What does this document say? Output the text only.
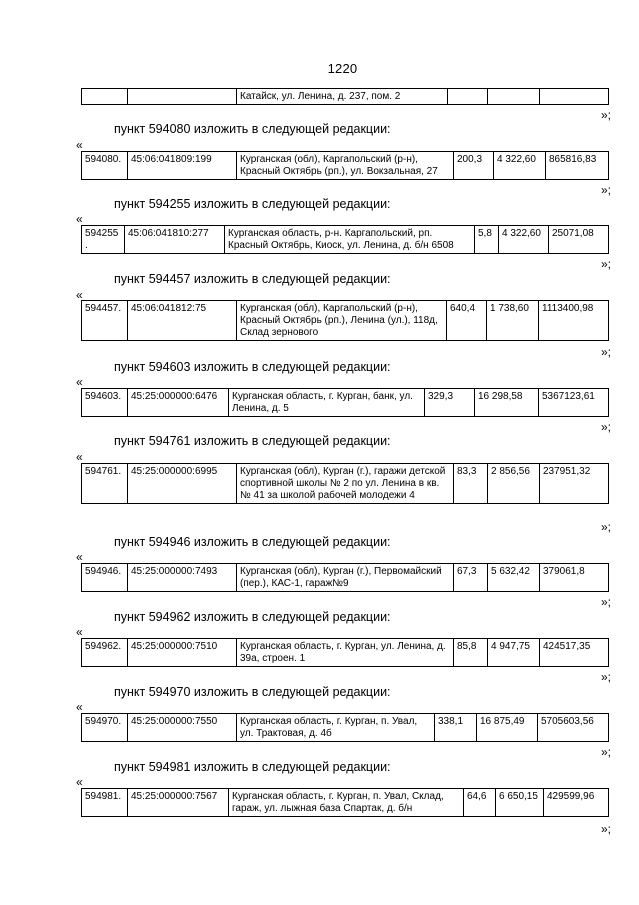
1220
		Катайск, ул. Ленина, д. 237, пом. 2			
»;
пункт 594080 изложить в следующей редакции:
«
594080.	45:06:041809:199	Курганская (обл), Каргапольский (р-н), Красный Октябрь (рп.), ул. Вокзальная, 27	200,3	4 322,60	865816,83
»;
пункт 594255 изложить в следующей редакции:
«
594255.	45:06:041810:277	Курганская область, р-н. Каргапольский, рп. Красный Октябрь, Киоск, ул. Ленина, д. б/н 6508	5,8	4 322,60	25071,08
»;
пункт 594457 изложить в следующей редакции:
«
594457.	45:06:041812:75	Курганская (обл), Каргапольский (р-н), Красный Октябрь (рп.), Ленина (ул.), 118д, Склад зернового	640,4	1 738,60	1113400,98
»;
пункт 594603 изложить в следующей редакции:
«
594603.	45:25:000000:6476	Курганская область, г. Курган, банк, ул. Ленина, д. 5	329,3	16 298,58	5367123,61
»;
пункт 594761 изложить в следующей редакции:
«
594761.	45:25:000000:6995	Курганская (обл), Курган (г.), гаражи детской спортивной школы № 2 по ул. Ленина в кв.№ 41 за школой рабочей молодежи 4	83,3	2 856,56	237951,32
»;
пункт 594946 изложить в следующей редакции:
«
594946.	45:25:000000:7493	Курганская (обл), Курган (г.), Первомайский (пер.), КАС-1, гараж№9	67,3	5 632,42	379061,8
»;
пункт 594962 изложить в следующей редакции:
«
594962.	45:25:000000:7510	Курганская область, г. Курган, ул. Ленина, д. 39а, строен. 1	85,8	4 947,75	424517,35
»;
пункт 594970 изложить в следующей редакции:
«
594970.	45:25:000000:7550	Курганская область, г. Курган, п. Увал, ул. Трактовая, д. 4б	338,1	16 875,49	5705603,56
»;
пункт 594981 изложить в следующей редакции:
«
594981.	45:25:000000:7567	Курганская область, г. Курган, п. Увал, Склад, гараж, ул. лыжная база Спартак, д. б/н	64,6	6 650,15	429599,96
»;
